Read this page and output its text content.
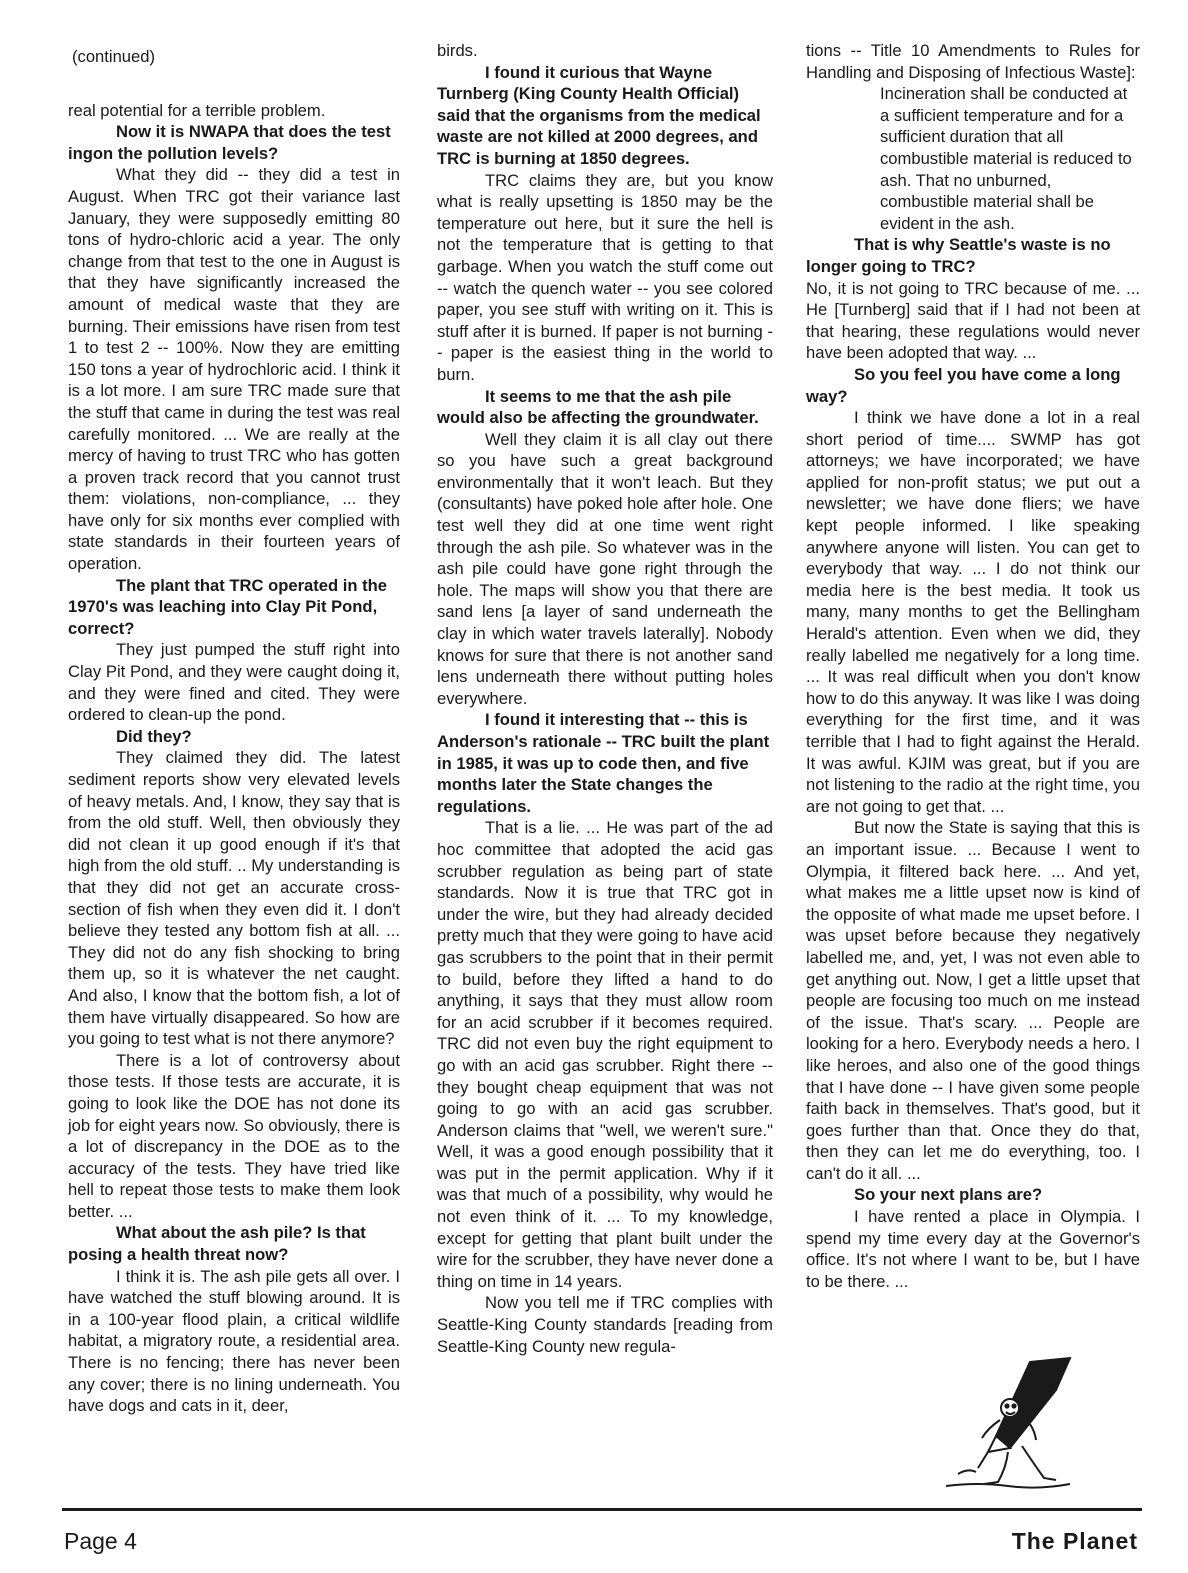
(continued)

real potential for a terrible problem.

Now it is NWAPA that does the test ingon the pollution levels?

What they did -- they did a test in August. When TRC got their variance last January, they were supposedly emitting 80 tons of hydro-chloric acid a year. The only change from that test to the one in August is that they have significantly increased the amount of medical waste that they are burning. Their emissions have risen from test 1 to test 2 -- 100%. Now they are emitting 150 tons a year of hydrochloric acid. I think it is a lot more. I am sure TRC made sure that the stuff that came in during the test was real carefully monitored. ... We are really at the mercy of having to trust TRC who has gotten a proven track record that you cannot trust them: violations, non-compliance, ... they have only for six months ever complied with state standards in their fourteen years of operation.

The plant that TRC operated in the 1970's was leaching into Clay Pit Pond, correct?

They just pumped the stuff right into Clay Pit Pond, and they were caught doing it, and they were fined and cited. They were ordered to clean-up the pond.

Did they?

They claimed they did. The latest sediment reports show very elevated levels of heavy metals. And, I know, they say that is from the old stuff. Well, then obviously they did not clean it up good enough if it's that high from the old stuff. .. My understanding is that they did not get an accurate cross-section of fish when they even did it. I don't believe they tested any bottom fish at all. ... They did not do any fish shocking to bring them up, so it is whatever the net caught. And also, I know that the bottom fish, a lot of them have virtually disappeared. So how are you going to test what is not there anymore?

There is a lot of controversy about those tests. If those tests are accurate, it is going to look like the DOE has not done its job for eight years now. So obviously, there is a lot of discrepancy in the DOE as to the accuracy of the tests. They have tried like hell to repeat those tests to make them look better. ...

What about the ash pile? Is that posing a health threat now?

I think it is. The ash pile gets all over. I have watched the stuff blowing around. It is in a 100-year flood plain, a critical wildlife habitat, a migratory route, a residential area. There is no fencing; there has never been any cover; there is no lining underneath. You have dogs and cats in it, deer,

birds.

I found it curious that Wayne Turnberg (King County Health Official) said that the organisms from the medical waste are not killed at 2000 degrees, and TRC is burning at 1850 degrees.

TRC claims they are, but you know what is really upsetting is 1850 may be the temperature out here, but it sure the hell is not the temperature that is getting to that garbage. When you watch the stuff come out -- watch the quench water -- you see colored paper, you see stuff with writing on it. This is stuff after it is burned. If paper is not burning -- paper is the easiest thing in the world to burn.

It seems to me that the ash pile would also be affecting the groundwater.

Well they claim it is all clay out there so you have such a great background environmentally that it won't leach. But they (consultants) have poked hole after hole. One test well they did at one time went right through the ash pile. So whatever was in the ash pile could have gone right through the hole. The maps will show you that there are sand lens [a layer of sand underneath the clay in which water travels laterally]. Nobody knows for sure that there is not another sand lens underneath there without putting holes everywhere.

I found it interesting that -- this is Anderson's rationale -- TRC built the plant in 1985, it was up to code then, and five months later the State changes the regulations.

That is a lie. ... He was part of the ad hoc committee that adopted the acid gas scrubber regulation as being part of state standards. Now it is true that TRC got in under the wire, but they had already decided pretty much that they were going to have acid gas scrubbers to the point that in their permit to build, before they lifted a hand to do anything, it says that they must allow room for an acid scrubber if it becomes required. TRC did not even buy the right equipment to go with an acid gas scrubber. Right there -- they bought cheap equipment that was not going to go with an acid gas scrubber. Anderson claims that "well, we weren't sure." Well, it was a good enough possibility that it was put in the permit application. Why if it was that much of a possibility, why would he not even think of it. ... To my knowledge, except for getting that plant built under the wire for the scrubber, they have never done a thing on time in 14 years.

Now you tell me if TRC complies with Seattle-King County standards [reading from Seattle-King County new regula-

tions -- Title 10 Amendments to Rules for Handling and Disposing of Infectious Waste]:

Incineration shall be conducted at a sufficient temperature and for a sufficient duration that all combustible material is reduced to ash. That no unburned, combustible material shall be evident in the ash.

That is why Seattle's waste is no longer going to TRC?

No, it is not going to TRC because of me. ... He [Turnberg] said that if I had not been at that hearing, these regulations would never have been adopted that way. ...

So you feel you have come a long way?

I think we have done a lot in a real short period of time.... SWMP has got attorneys; we have incorporated; we have applied for non-profit status; we put out a newsletter; we have done fliers; we have kept people informed. I like speaking anywhere anyone will listen. You can get to everybody that way. ... I do not think our media here is the best media. It took us many, many months to get the Bellingham Herald's attention. Even when we did, they really labelled me negatively for a long time. ... It was real difficult when you don't know how to do this anyway. It was like I was doing everything for the first time, and it was terrible that I had to fight against the Herald. It was awful. KJIM was great, but if you are not listening to the radio at the right time, you are not going to get that. ...

But now the State is saying that this is an important issue. ... Because I went to Olympia, it filtered back here. ... And yet, what makes me a little upset now is kind of the opposite of what made me upset before. I was upset before because they negatively labelled me, and, yet, I was not even able to get anything out. Now, I get a little upset that people are focusing too much on me instead of the issue. That's scary. ... People are looking for a hero. Everybody needs a hero. I like heroes, and also one of the good things that I have done -- I have given some people faith back in themselves. That's good, but it goes further than that. Once they do that, then they can let me do everything, too. I can't do it all. ...

So your next plans are?

I have rented a place in Olympia. I spend my time every day at the Governor's office. It's not where I want to be, but I have to be there. ...

Page 4	The Planet
